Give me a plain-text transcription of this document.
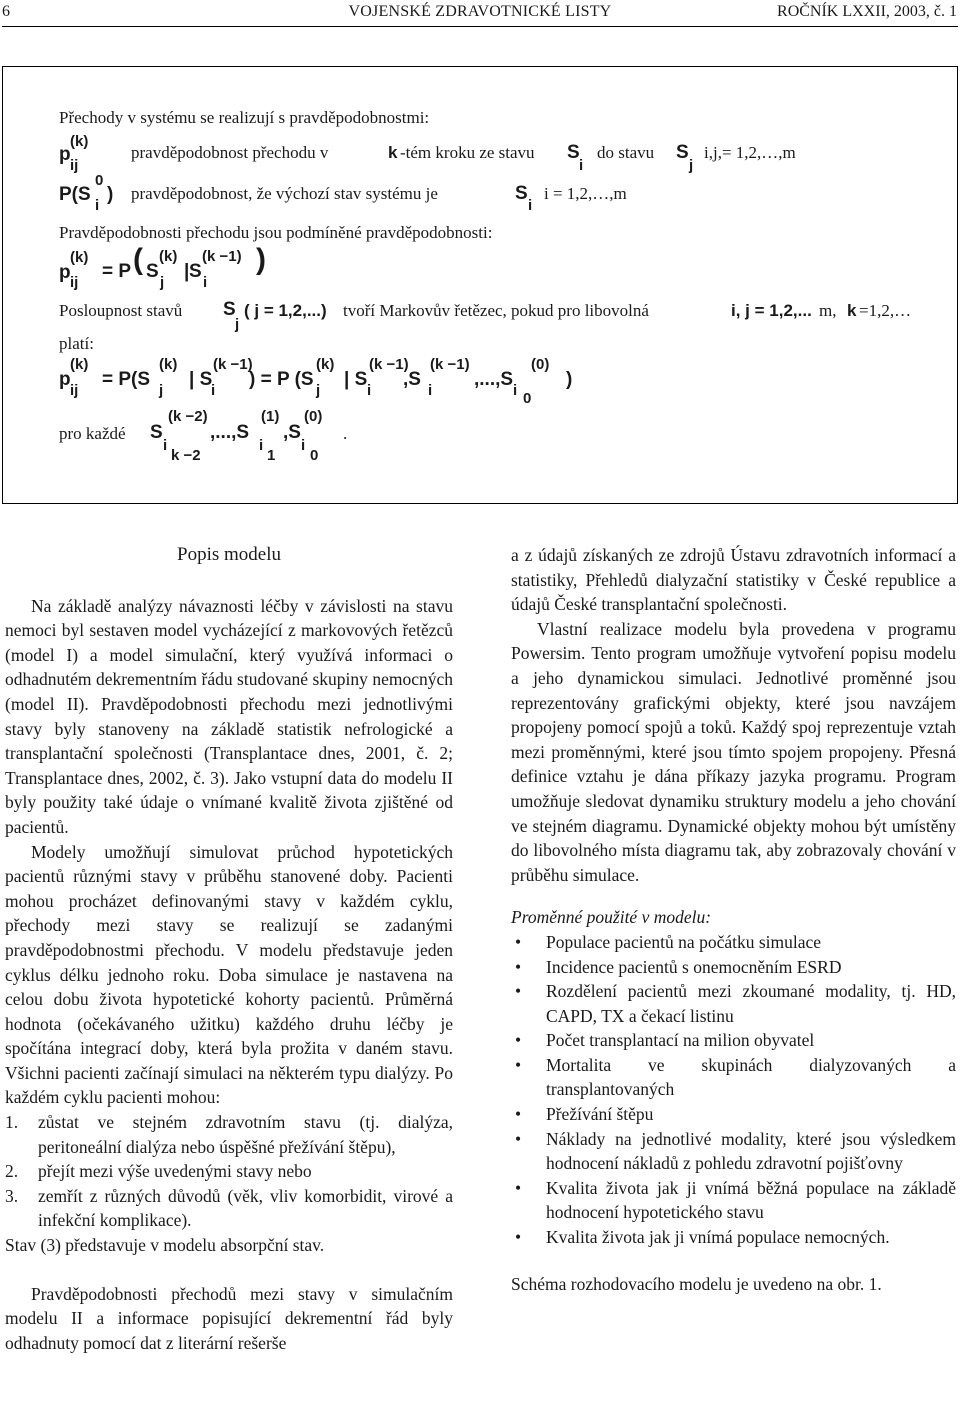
6	VOJENSKÉ ZDRAVOTNICKÉ LISTY	ROČNÍK LXXII, 2003, č. 1
Přechody v systému se realizují s pravděpodobnostmi:
p
(k)
ij
pravděpodobnost přechodu v	k -tém kroku ze stavu S
i
do stavu S
j
i,j,= 1,2,…,m
P(S
0
i
) pravděpodobnost, že výchozí stav systému je	S
i
i = 1,2,…,m
Pravděpodobnosti přechodu jsou podmíněné pravděpodobnosti:
p
(k)
ij
= P ( S
(k)
j
| S
(k −1)
i
)
Posloupnost stavů S
j
( j = 1,2,...) tvoří Markovův řetězec, pokud pro libovolná	i, j = 1,2,... m, k =1,2,…
platí:
p
(k)
ij
= P(S
(k)
j
| S
(k −1)
i
) = P (S
(k)
j
| S
(k −1)
i
,S
(k −1)
i
,...,S
(0)
i 0
)
pro každé S
(k −2)
i
k −2
,...,S
(1)
i
1
,S
(0)
i
0
.

Popis modelu

Na základě analýzy návaznosti léčby v závislosti na stavu nemoci byl sestaven model vycházející z markovových řetězců (model I) a model simulační, který využívá informaci o odhadnutém dekrementním řádu studované skupiny nemocných (model II). Pravděpodobnosti přechodu mezi jednotlivými stavy byly stanoveny na základě statistik nefrologické a transplantační společnosti (Transplantace dnes, 2001, č. 2; Transplantace dnes, 2002, č. 3). Jako vstupní data do modelu II byly použity také údaje o vnímané kvalitě života zjištěné od pacientů.

Modely umožňují simulovat průchod hypotetických pacientů různými stavy v průběhu stanovené doby. Pacienti mohou procházet definovanými stavy v každém cyklu, přechody mezi stavy se realizují se zadanými pravděpodobnostmi přechodu. V modelu představuje jeden cyklus délku jednoho roku. Doba simulace je nastavena na celou dobu života hypotetické kohorty pacientů. Průměrná hodnota (očekávaného užitku) každého druhu léčby je spočítána integrací doby, která byla prožita v daném stavu. Všichni pacienti začínají simulaci na některém typu dialýzy. Po každém cyklu pacienti mohou:

1. zůstat ve stejném zdravotním stavu (tj. dialýza, peritoneální dialýza nebo úspěšné přežívání štěpu),

2. přejít mezi výše uvedenými stavy nebo

3. zemřít z různých důvodů (věk, vliv komorbidit, virové a infekční komplikace).

Stav (3) představuje v modelu absorpční stav.

Pravděpodobnosti přechodů mezi stavy v simulačním modelu II a informace popisující dekrementní řád byly odhadnuty pomocí dat z literární rešerše

a z údajů získaných ze zdrojů Ústavu zdravotních informací a statistiky, Přehledů dialyzační statistiky v České republice a údajů České transplantační společnosti.

Vlastní realizace modelu byla provedena v programu Powersim. Tento program umožňuje vytvoření popisu modelu a jeho dynamickou simulaci. Jednotlivé proměnné jsou reprezentovány grafickými objekty, které jsou navzájem propojeny pomocí spojů a toků. Každý spoj reprezentuje vztah mezi proměnnými, které jsou tímto spojem propojeny. Přesná definice vztahu je dána příkazy jazyka programu. Program umožňuje sledovat dynamiku struktury modelu a jeho chování ve stejném diagramu. Dynamické objekty mohou být umístěny do libovolného místa diagramu tak, aby zobrazovaly chování v průběhu simulace.

Proměnné použité v modelu:

• Populace pacientů na počátku simulace

• Incidence pacientů s onemocněním ESRD

• Rozdělení pacientů mezi zkoumané modality, tj. HD, CAPD, TX a čekací listinu

• Počet transplantací na milion obyvatel

• Mortalita ve skupinách dialyzovaných a transplantovaných

• Přežívání štěpu

• Náklady na jednotlivé modality, které jsou výsledkem hodnocení nákladů z pohledu zdravotní pojišťovny

• Kvalita života jak ji vnímá běžná populace na základě hodnocení hypotetického stavu

• Kvalita života jak ji vnímá populace nemocných.

Schéma rozhodovacího modelu je uvedeno na obr. 1.
